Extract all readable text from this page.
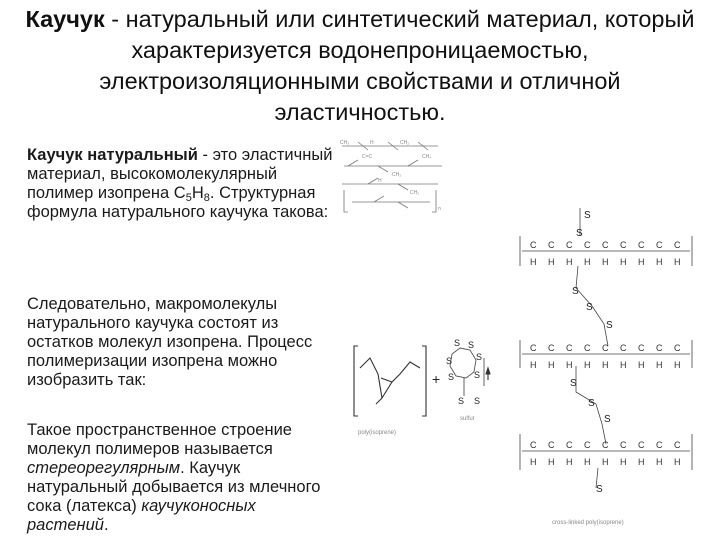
Каучук - натуральный или синтетический материал, который характеризуется водонепроницаемостью, электроизоляционными свойствами и отличной эластичностью.
Каучук натуральный - это эластичный материал, высокомолекулярный полимер изопрена $С_5Н_8$. Структурная формула натурального каучука такова:
Следовательно, макромолекулы натурального каучука состоят из остатков молекул изопрена. Процесс полимеризации изопрена можно изобразить так:
Такое пространственное строение молекул полимеров называется стереорегулярным. Каучук натуральный добывается из млечного сока (латекса) каучуконосных растений.
CH₃	H	CH₂
C=C
CH₂
CH₃
H
CH₂
n
+
S S
S
S
S S
S S
poly(isoprene)
sulfur
S
S
S
S
S
S
S
S
S
C
H
C
H
C
H
C
H
C
H
C
H
C
H
C
H
C
H
C
H
C
H
C
H
C
H
C
H
C
H
C
H
C
H
C
H
C
H
C
H
C
H
C
H
C
H
C
H
C
H
C
H
C
H
cross-linked poly(isoprene)
